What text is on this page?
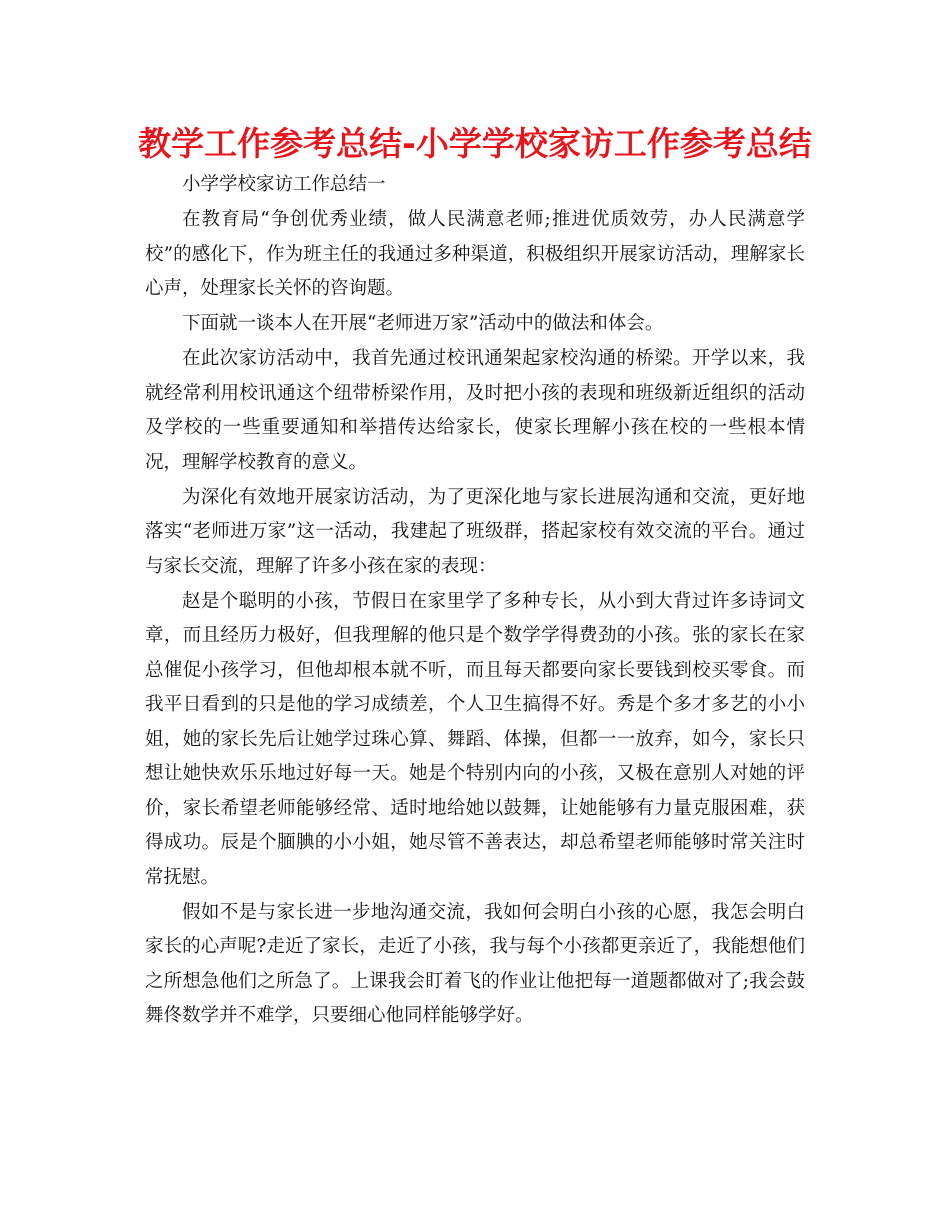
教学工作参考总结-小学学校家访工作参考总结

小学学校家访工作总结一

在教育局“争创优秀业绩，做人民满意老师;推进优质效劳，办人民满意学校”的感化下，作为班主任的我通过多种渠道，积极组织开展家访活动，理解家长心声，处理家长关怀的咨询题。

下面就一谈本人在开展“老师进万家”活动中的做法和体会。

在此次家访活动中，我首先通过校讯通架起家校沟通的桥梁。开学以来，我就经常利用校讯通这个纽带桥梁作用，及时把小孩的表现和班级新近组织的活动及学校的一些重要通知和举措传达给家长，使家长理解小孩在校的一些根本情况，理解学校教育的意义。

为深化有效地开展家访活动，为了更深化地与家长进展沟通和交流，更好地落实“老师进万家”这一活动，我建起了班级群，搭起家校有效交流的平台。通过与家长交流，理解了许多小孩在家的表现：

赵是个聪明的小孩，节假日在家里学了多种专长，从小到大背过许多诗词文章，而且经历力极好，但我理解的他只是个数学学得费劲的小孩。张的家长在家总催促小孩学习，但他却根本就不听，而且每天都要向家长要钱到校买零食。而我平日看到的只是他的学习成绩差，个人卫生搞得不好。秀是个多才多艺的小小姐，她的家长先后让她学过珠心算、舞蹈、体操，但都一一放弃，如今，家长只想让她快欢乐乐地过好每一天。她是个特别内向的小孩，又极在意别人对她的评价，家长希望老师能够经常、适时地给她以鼓舞，让她能够有力量克服困难，获得成功。辰是个腼腆的小小姐，她尽管不善表达，却总希望老师能够时常关注时常抚慰。

假如不是与家长进一步地沟通交流，我如何会明白小孩的心愿，我怎会明白家长的心声呢?走近了家长，走近了小孩，我与每个小孩都更亲近了，我能想他们之所想急他们之所急了。上课我会盯着飞的作业让他把每一道题都做对了;我会鼓舞佟数学并不难学，只要细心他同样能够学好。
